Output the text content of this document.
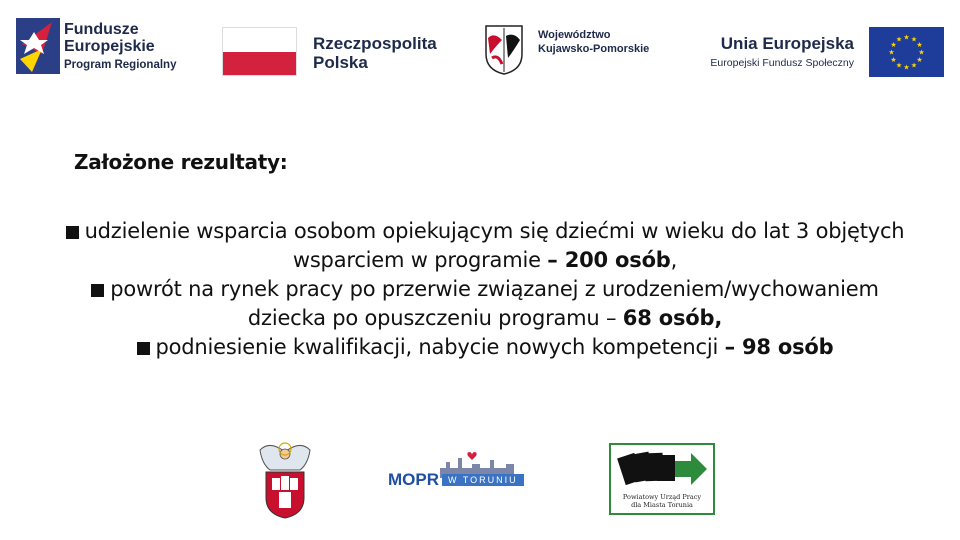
Fundusze
Europejskie
Program Regionalny
Rzeczpospolita
Polska
Województwo
Kujawsko-Pomorskie	Unia Europejska
Europejski Fundusz Społeczny
★
★
★
★
★
★
★
★
★ ★ ★
★
Założone rezultaty:
udzielenie wsparcia osobom opiekującym się dziećmi w wieku do lat 3 objętych wsparciem w programie – 200 osób,
powrót na rynek pracy po przerwie związanej z urodzeniem/wychowaniem dziecka po opuszczeniu programu – 68 osób,
podniesienie kwalifikacji, nabycie nowych kompetencji – 98 osób
MOPR	W TORUNIU
Powiatowy Urząd Pracy
dla Miasta Torunia
